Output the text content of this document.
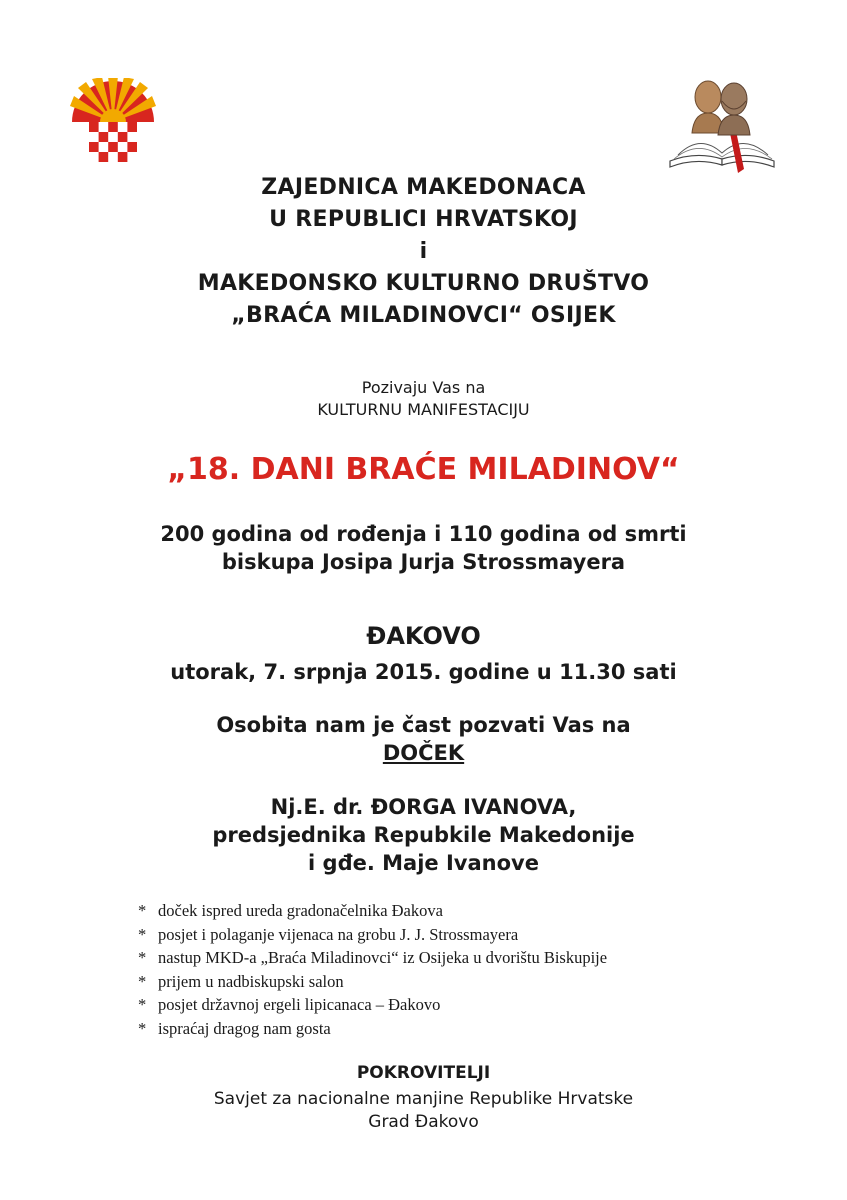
ZAJEDNICA MAKEDONACA
U REPUBLICI HRVATSKOJ
i
MAKEDONSKO KULTURNO DRUŠTVO
„BRAĆA MILADINOVCI“ OSIJEK
Pozivaju Vas na
KULTURNU MANIFESTACIJU
„18. DANI BRAĆE MILADINOV“
200 godina od rođenja i 110 godina od smrti
biskupa Josipa Jurja Strossmayera
ĐAKOVO
utorak, 7. srpnja 2015. godine u 11.30 sati
Osobita nam je čast pozvati Vas na
DOČEK
Nj.E. dr. ĐORGA IVANOVA,
predsjednika Repubkile Makedonije
i gđe. Maje Ivanove
* doček ispred ureda gradonačelnika Đakova
* posjet i polaganje vijenaca na grobu J. J. Strossmayera
* nastup MKD-a „Braća Miladinovci“ iz Osijeka u dvorištu Biskupije
* prijem u nadbiskupski salon
* posjet državnoj ergeli lipicanaca – Đakovo
* ispraćaj dragog nam gosta
POKROVITELJI
Savjet za nacionalne manjine Republike Hrvatske
Grad Đakovo
